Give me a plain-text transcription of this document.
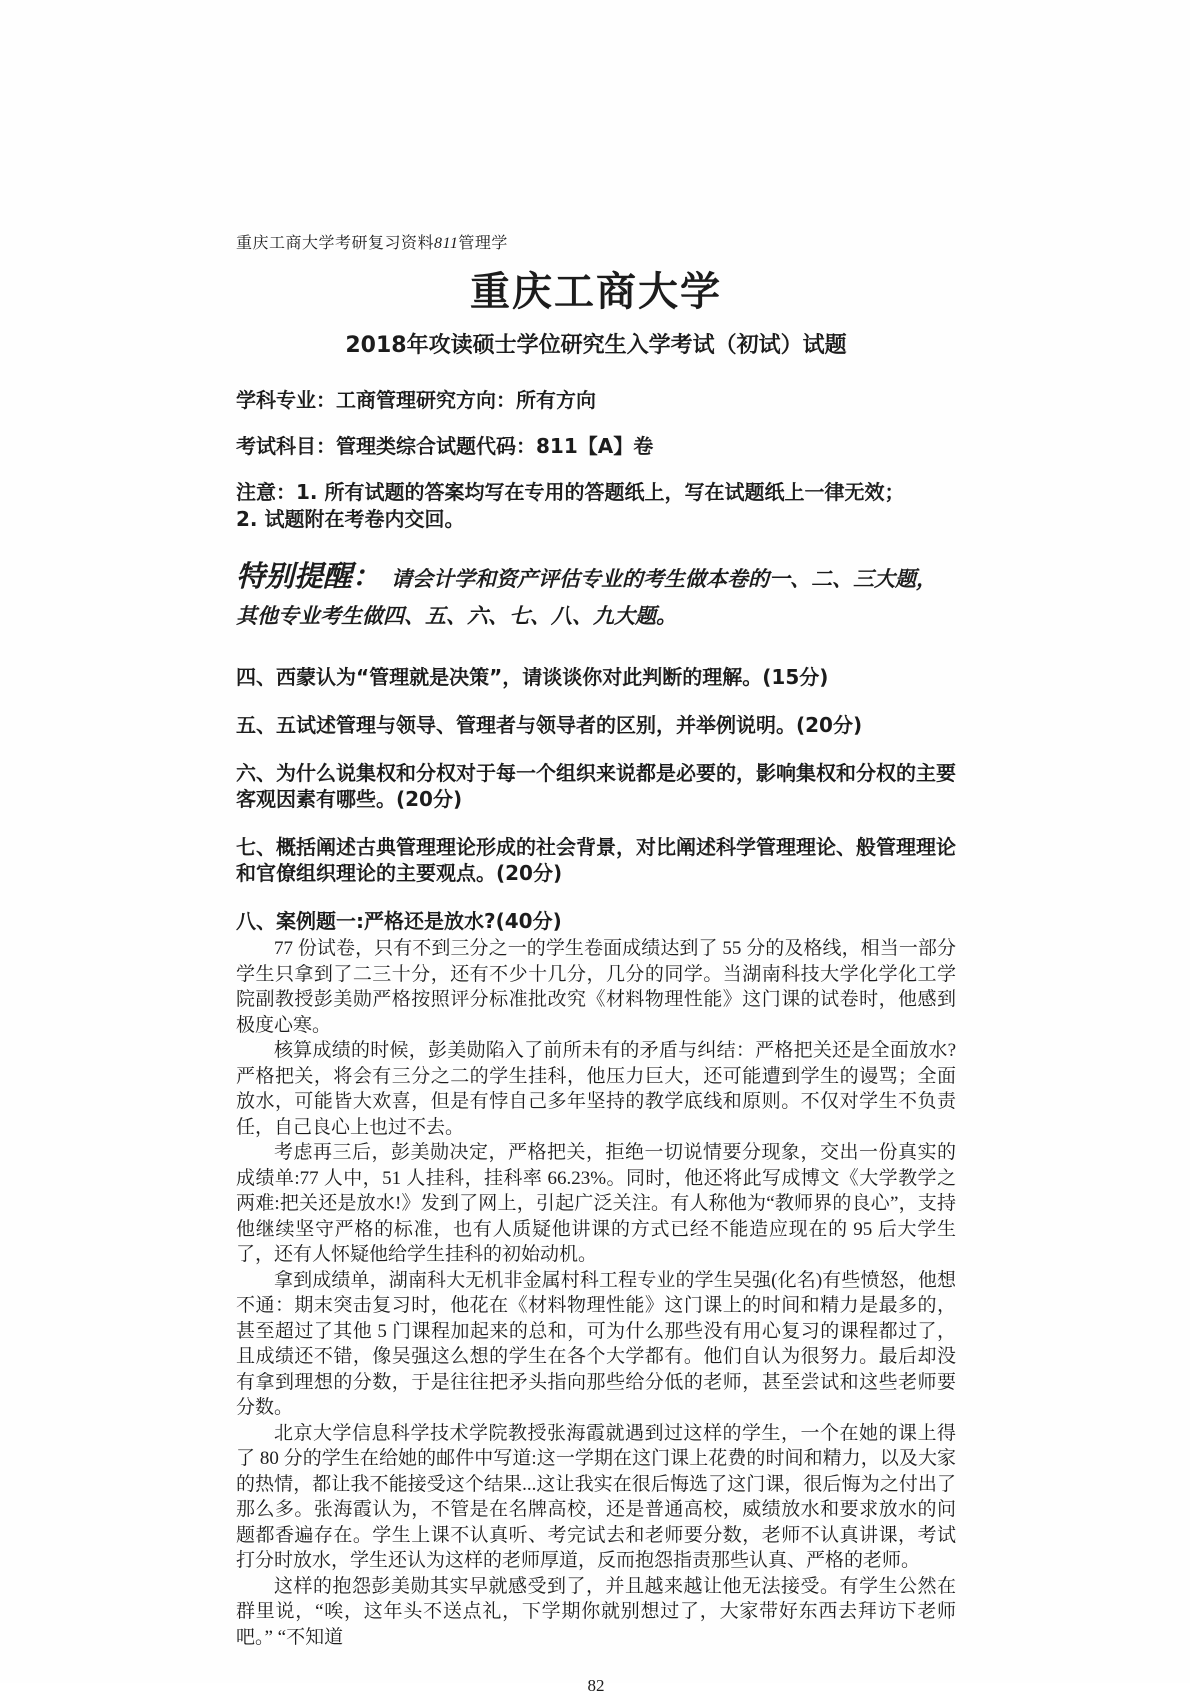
重庆工商大学考研复习资料811管理学
重庆工商大学
2018年攻读硕士学位研究生入学考试（初试）试题

学科专业：工商管理研究方向：所有方向

考试科目：管理类综合试题代码：811【A】卷

注意：1. 所有试题的答案均写在专用的答题纸上，写在试题纸上一律无效；

2. 试题附在考卷内交回。

特别提醒： 请会计学和资产评估专业的考生做本卷的一、二、三大题，其他专业考生做四、五、六、七、八、九大题。

四、西蒙认为“管理就是决策”，请谈谈你对此判断的理解。(15分)

五、五试述管理与领导、管理者与领导者的区别，并举例说明。(20分)

六、为什么说集权和分权对于每一个组织来说都是必要的，影响集权和分权的主要客观因素有哪些。(20分)

七、概括阐述古典管理理论形成的社会背景，对比阐述科学管理理论、般管理理论和官僚组织理论的主要观点。(20分)

八、案例题一:严格还是放水?(40分)

77 份试卷，只有不到三分之一的学生卷面成绩达到了 55 分的及格线，相当一部分学生只拿到了二三十分，还有不少十几分，几分的同学。当湖南科技大学化学化工学院副教授彭美勋严格按照评分标准批改究《材料物理性能》这门课的试卷时，他感到极度心寒。

核算成绩的时候，彭美勋陷入了前所未有的矛盾与纠结：严格把关还是全面放水?严格把关，将会有三分之二的学生挂科，他压力巨大，还可能遭到学生的谩骂；全面放水，可能皆大欢喜，但是有悖自己多年坚持的教学底线和原则。不仅对学生不负责任，自己良心上也过不去。

考虑再三后，彭美勋决定，严格把关，拒绝一切说情要分现象，交出一份真实的成绩单:77 人中，51 人挂科，挂科率 66.23%。同时，他还将此写成博文《大学教学之两难:把关还是放水!》发到了网上，引起广泛关注。有人称他为“教师界的良心”，支持他继续坚守严格的标准，也有人质疑他讲课的方式已经不能造应现在的 95 后大学生了，还有人怀疑他给学生挂科的初始动机。

拿到成绩单，湖南科大无机非金属村科工程专业的学生吴强(化名)有些愤怒，他想不通：期末突击复习时，他花在《材料物理性能》这门课上的时间和精力是最多的，甚至超过了其他 5 门课程加起来的总和，可为什么那些没有用心复习的课程都过了，且成绩还不错，像吴强这么想的学生在各个大学都有。他们自认为很努力。最后却没有拿到理想的分数，于是往往把矛头指向那些给分低的老师，甚至尝试和这些老师要分数。

北京大学信息科学技术学院教授张海霞就遇到过这样的学生，一个在她的课上得了 80 分的学生在给她的邮件中写道:这一学期在这门课上花费的时间和精力，以及大家的热情，都让我不能接受这个结果...这让我实在很后悔选了这门课，很后悔为之付出了那么多。张海霞认为，不管是在名牌高校，还是普通高校，威绩放水和要求放水的问题都香遍存在。学生上课不认真听、考完试去和老师要分数，老师不认真讲课，考试打分时放水，学生还认为这样的老师厚道，反而抱怨指责那些认真、严格的老师。

这样的抱怨彭美勋其实早就感受到了，并且越来越让他无法接受。有学生公然在群里说，“唉，这年头不送点礼，下学期你就别想过了，大家带好东西去拜访下老师吧。” “不知道

82
